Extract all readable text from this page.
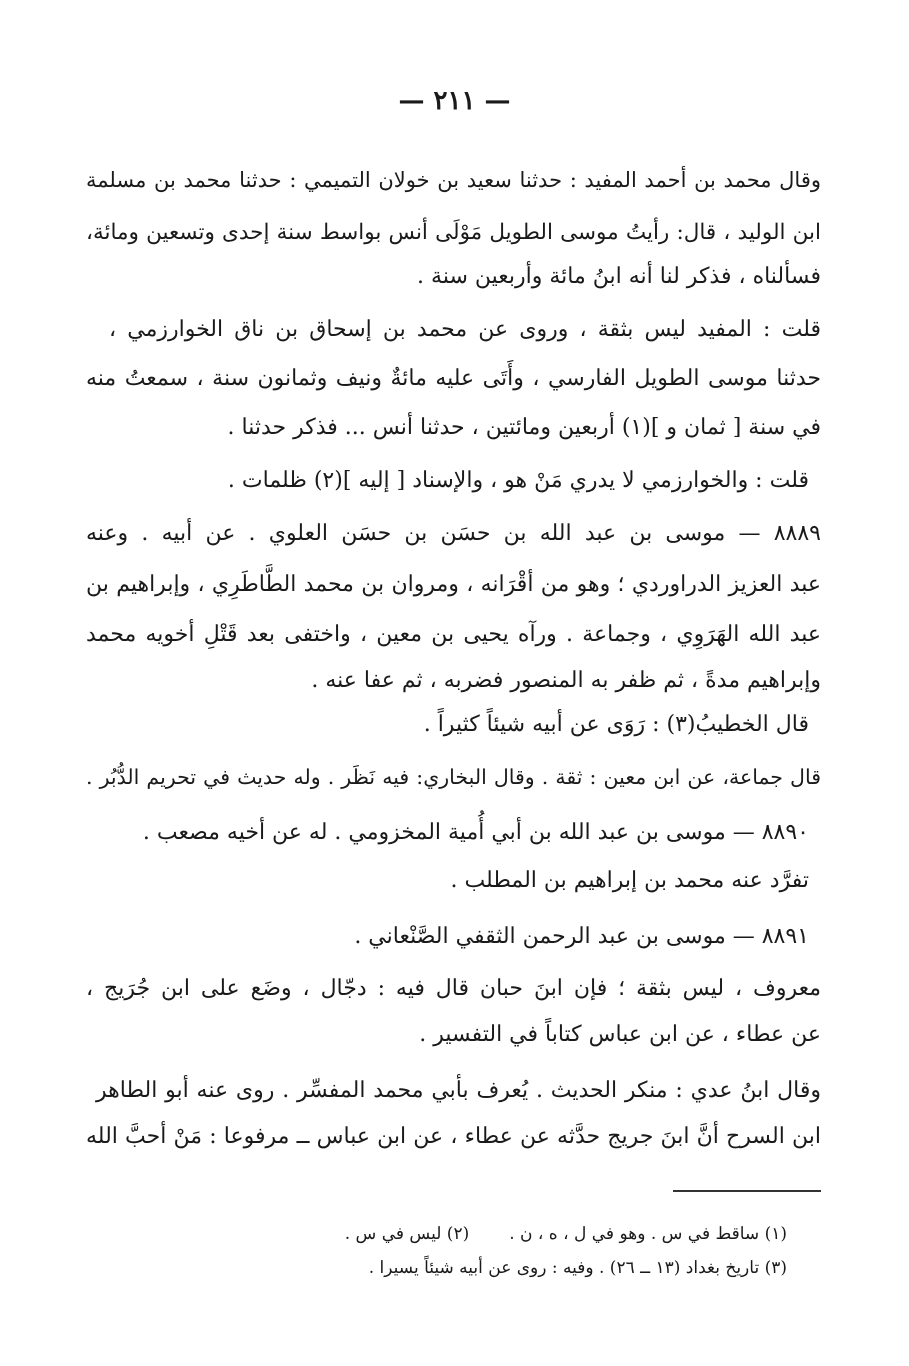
— ٢١١ —
وقال محمد بن أحمد المفيد : حدثنا سعيد بن خولان التميمي : حدثنا محمد بن مسلمة
ابن الوليد ، قال: رأيتُ موسى الطويل مَوْلَى أنس بواسط سنة إحدى وتسعين ومائة،
فسألناه ، فذكر لنا أنه ابنُ مائة وأربعين سنة .
قلت : المفيد ليس بثقة ، وروى عن محمد بن إسحاق بن ناق الخوارزمي ،
حدثنا موسى الطويل الفارسي ، وأَتَى عليه مائةٌ ونيف وثمانون سنة ، سمعتُ منه
في سنة [ ثمان و ](١) أربعين ومائتين ، حدثنا أنس ... فذكر حدثنا .
قلت : والخوارزمي لا يدري مَنْ هو ، والإسناد [ إليه ](٢) ظلمات .
٨٨٨٩ — موسى بن عبد الله بن حسَن بن حسَن العلوي . عن أبيه . وعنه
عبد العزيز الدراوردي ؛ وهو من أقْرَانه ، ومروان بن محمد الطَّاطَرِي ، وإبراهيم بن
عبد الله الهَرَوِي ، وجماعة . ورآه يحيى بن معين ، واختفى بعد قَتْلِ أخويه محمد
وإبراهيم مدةً ، ثم ظفر به المنصور فضربه ، ثم عفا عنه .
قال الخطيبُ(٣) : رَوَى عن أبيه شيئاً كثيراً .
قال جماعة، عن ابن معين : ثقة . وقال البخاري: فيه نَظَر . وله حديث في تحريم الدُّبُر .
٨٨٩٠ — موسى بن عبد الله بن أبي أُمية المخزومي . له عن أخيه مصعب .
تفرَّد عنه محمد بن إبراهيم بن المطلب .
٨٨٩١ — موسى بن عبد الرحمن الثقفي الصَّنْعاني .
معروف ، ليس بثقة ؛ فإن ابنَ حبان قال فيه : دجّال ، وضَع على ابن جُرَيج ،
عن عطاء ، عن ابن عباس كتاباً في التفسير .
وقال ابنُ عدي : منكر الحديث . يُعرف بأبي محمد المفسِّر . روى عنه أبو الطاهر
ابن السرح أنَّ ابنَ جريج حدَّثه عن عطاء ، عن ابن عباس ــ مرفوعا : مَنْ أحبَّ الله
(١) ساقط في س . وهو في ل ، ه ، ن .(٢) ليس في س .
(٣) تاريخ بغداد (١٣ ــ ٢٦) . وفيه : روى عن أبيه شيئاً يسيرا .
